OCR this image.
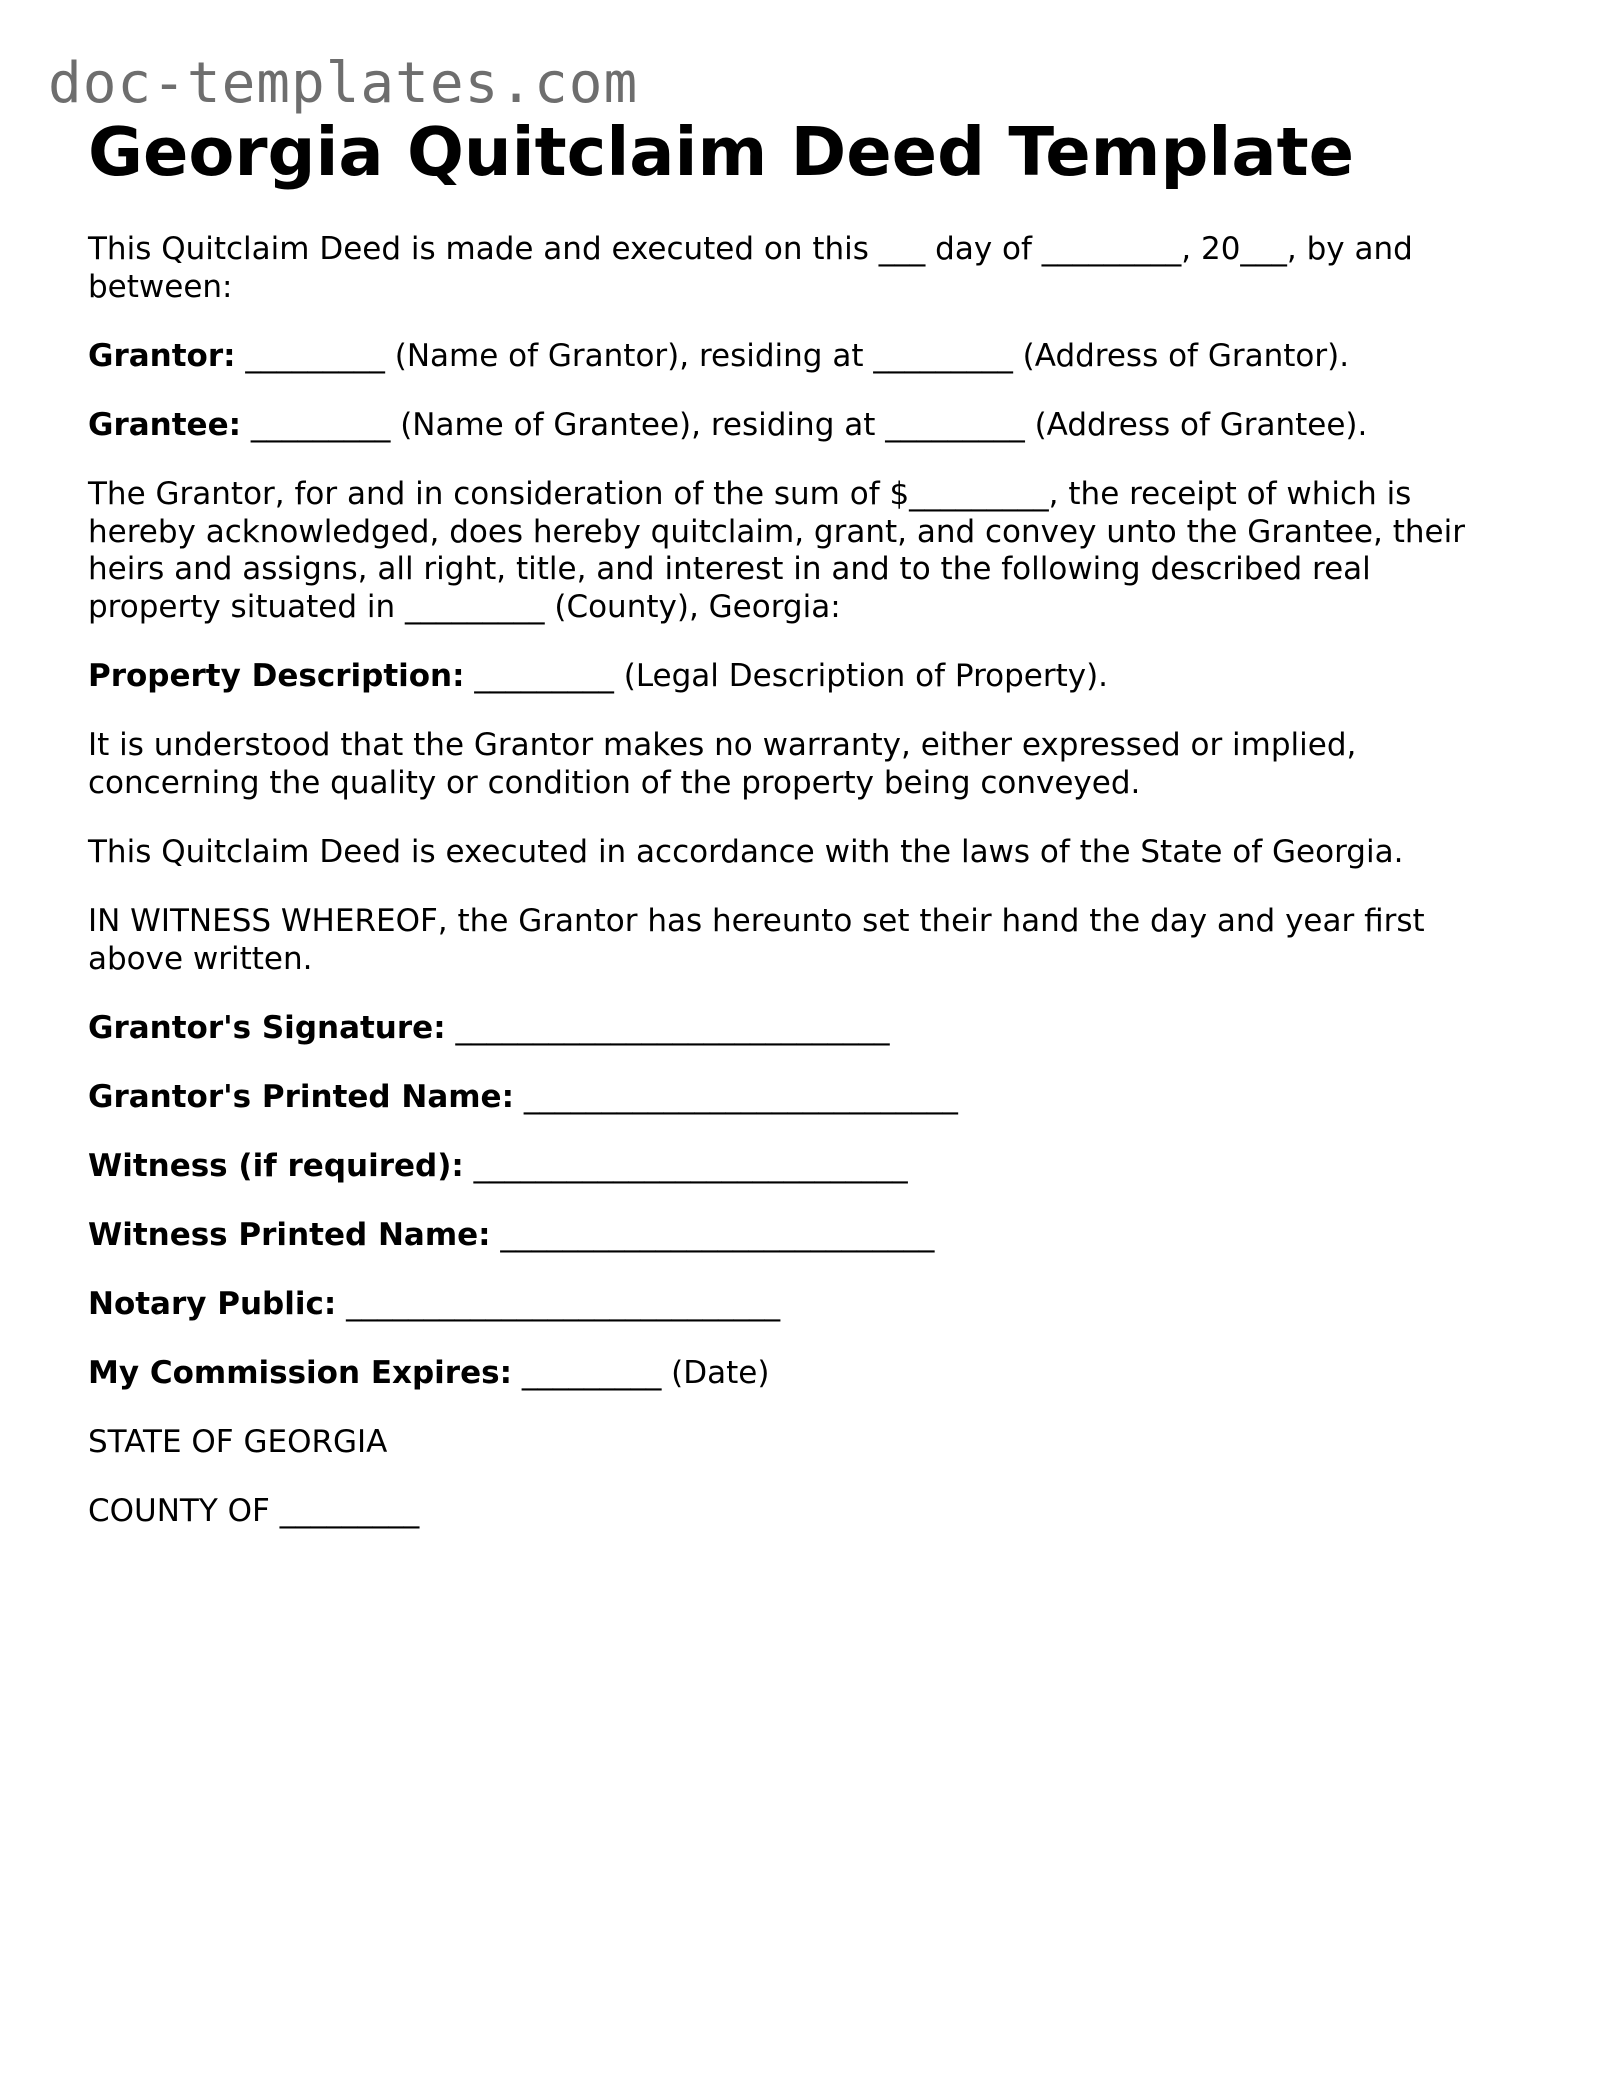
doc-templates.com
Georgia Quitclaim Deed Template

This Quitclaim Deed is made and executed on this ___ day of _________, 20___, by and between:

Grantor: _________ (Name of Grantor), residing at _________ (Address of Grantor).

Grantee: _________ (Name of Grantee), residing at _________ (Address of Grantee).

The Grantor, for and in consideration of the sum of $_________, the receipt of which is hereby acknowledged, does hereby quitclaim, grant, and convey unto the Grantee, their heirs and assigns, all right, title, and interest in and to the following described real property situated in _________ (County), Georgia:

Property Description: _________ (Legal Description of Property).

It is understood that the Grantor makes no warranty, either expressed or implied, concerning the quality or condition of the property being conveyed.

This Quitclaim Deed is executed in accordance with the laws of the State of Georgia.

IN WITNESS WHEREOF, the Grantor has hereunto set their hand the day and year first above written.

Grantor's Signature: ____________________________

Grantor's Printed Name: ____________________________

Witness (if required): ____________________________

Witness Printed Name: ____________________________

Notary Public: ____________________________

My Commission Expires: _________ (Date)

STATE OF GEORGIA

COUNTY OF _________
